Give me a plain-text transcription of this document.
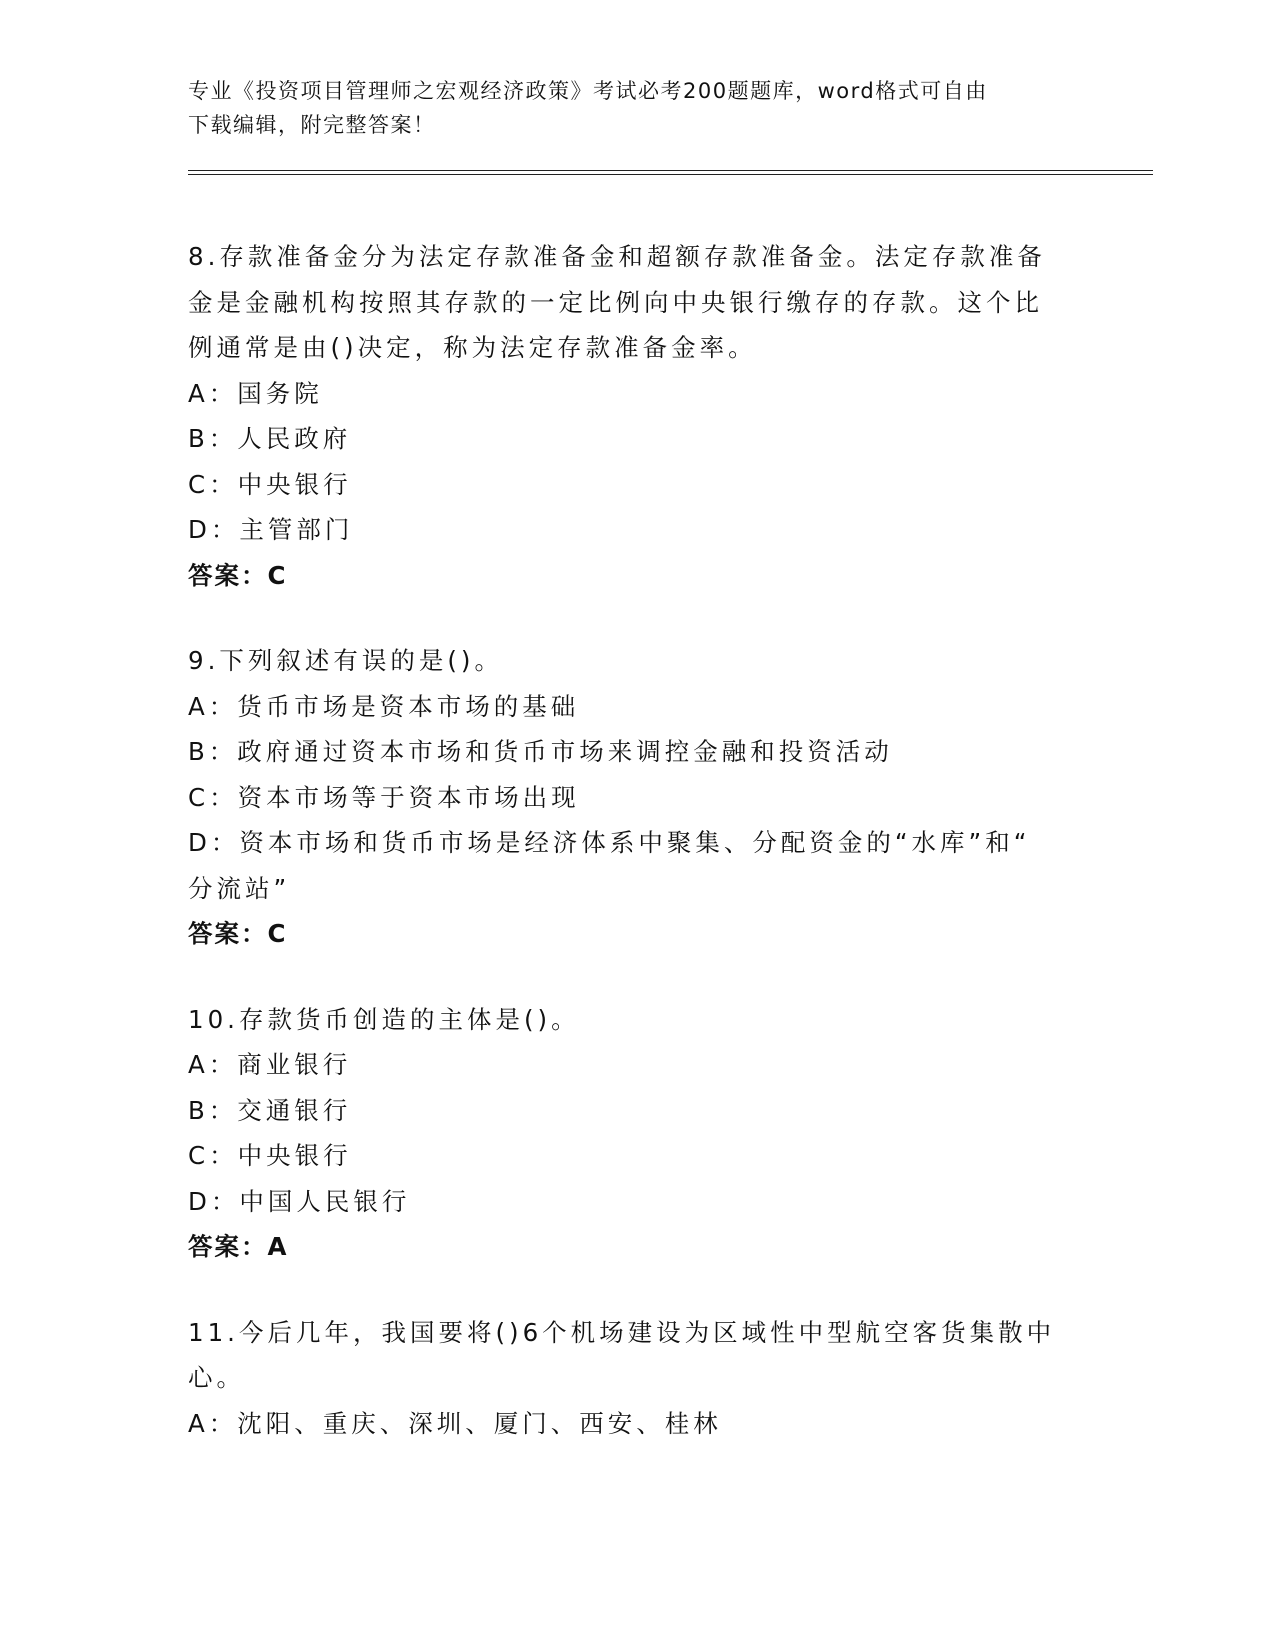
专业《投资项目管理师之宏观经济政策》考试必考200题题库，word格式可自由
下载编辑，附完整答案！
8.存款准备金分为法定存款准备金和超额存款准备金。法定存款准备
金是金融机构按照其存款的一定比例向中央银行缴存的存款。这个比
例通常是由()决定，称为法定存款准备金率。
A：国务院
B：人民政府
C：中央银行
D：主管部门
答案：C
9.下列叙述有误的是()。
A：货币市场是资本市场的基础
B：政府通过资本市场和货币市场来调控金融和投资活动
C：资本市场等于资本市场出现
D：资本市场和货币市场是经济体系中聚集、分配资金的“水库”和“
分流站”
答案：C
10.存款货币创造的主体是()。
A：商业银行
B：交通银行
C：中央银行
D：中国人民银行
答案：A
11.今后几年，我国要将()6个机场建设为区域性中型航空客货集散中
心。
A：沈阳、重庆、深圳、厦门、西安、桂林
